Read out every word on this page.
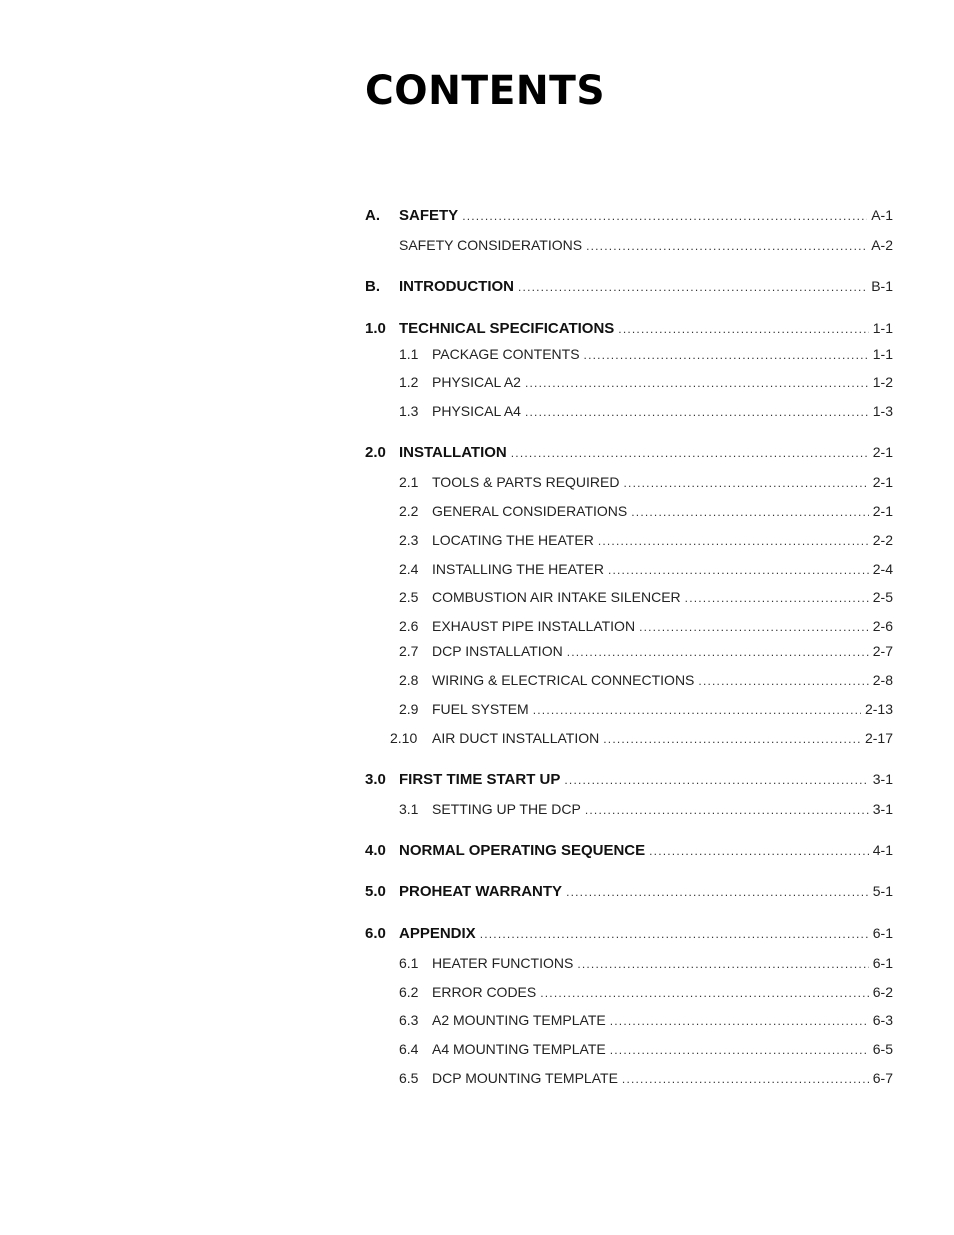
CONTENTS
A.	SAFETY .....	A-1
SAFETY CONSIDERATIONS .....	A-2
B.	INTRODUCTION .....	B-1
1.0 TECHNICAL SPECIFICATIONS .....	1-1
1.1 PACKAGE CONTENTS .....	1-1
1.2 PHYSICAL A2 .....	1-2
1.3 PHYSICAL A4 .....	1-3
2.0 INSTALLATION .....	2-1
2.1 TOOLS & PARTS REQUIRED .....	2-1
2.2 GENERAL CONSIDERATIONS .....	2-1
2.3 LOCATING THE HEATER .....	2-2
2.4 INSTALLING THE HEATER .....	2-4
2.5 COMBUSTION AIR INTAKE SILENCER .....	2-5
2.6 EXHAUST PIPE INSTALLATION .....	2-6
2.7 DCP INSTALLATION .....	2-7
2.8 WIRING & ELECTRICAL CONNECTIONS .....	2-8
2.9 FUEL SYSTEM .....	2-13
2.10	AIR DUCT INSTALLATION .....	2-17
3.0 FIRST TIME START UP .....	3-1
3.1 SETTING UP THE DCP .....	3-1
4.0 NORMAL OPERATING SEQUENCE .....	4-1
5.0 PROHEAT WARRANTY .....	5-1
6.0 APPENDIX .....	6-1
6.1 HEATER FUNCTIONS .....	6-1
6.2 ERROR CODES .....	6-2
6.3 A2 MOUNTING TEMPLATE .....	6-3
6.4 A4 MOUNTING TEMPLATE .....	6-5
6.5 DCP MOUNTING TEMPLATE .....	6-7
